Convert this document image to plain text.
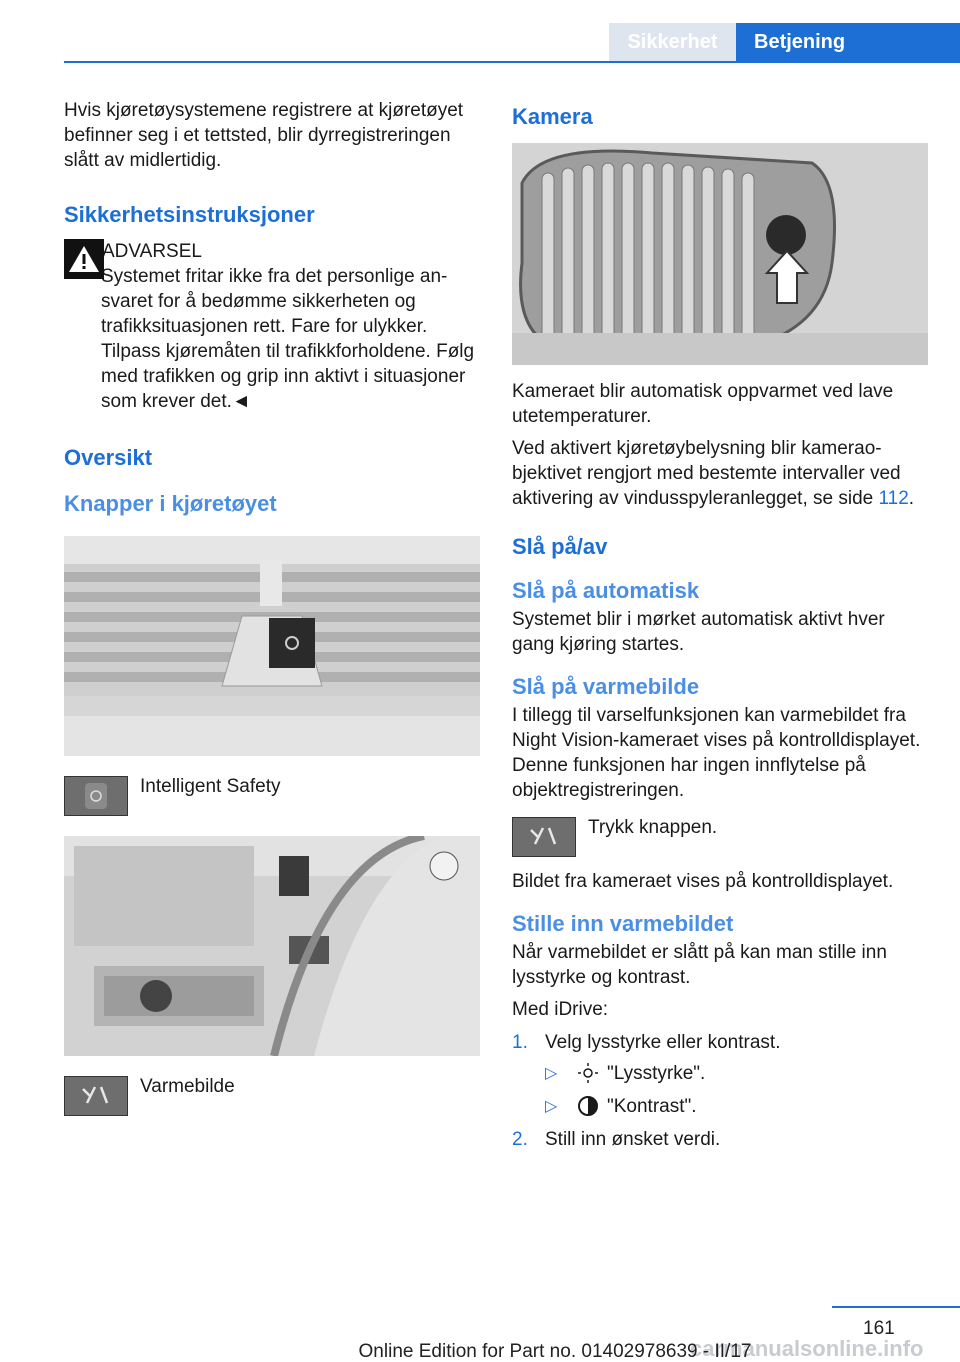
Sikkerhet	Betjening

Hvis kjøretøysystemene registrere at kjøretøyet befinner seg i et tettsted, blir dyrregistreringen slått av midlertidig.

Sikkerhetsinstruksjoner
ADVARSEL

Systemet fritar ikke fra det personlige ansvaret for å bedømme sikkerheten og trafikksituasjonen rett. Fare for ulykker. Tilpass kjøremåten til trafikkforholdene. Følg med trafikken og grip inn aktivt i situasjoner som krever det.◄

Oversikt
Knapper i kjøretøyet
Intelligent Safety
Varmebilde
Kamera

Kameraet blir automatisk oppvarmet ved lave utetemperaturer.

Ved aktivert kjøretøybelysning blir kameraobjektivet rengjort med bestemte intervaller ved aktivering av vindusspyleranlegget, se side 112.

Slå på/av
Slå på automatisk

Systemet blir i mørket automatisk aktivt hver gang kjøring startes.

Slå på varmebilde

I tillegg til varselfunksjonen kan varmebildet fra Night Vision-kameraet vises på kontrolldisplayet. Denne funksjonen har ingen innflytelse på objektregistreringen.

Trykk knappen.

Bildet fra kameraet vises på kontrolldisplayet.

Stille inn varmebildet

Når varmebildet er slått på kan man stille inn lysstyrke og kontrast.

Med iDrive:

1. Velg lysstyrke eller kontrast.
▷	"Lysstyrke".
▷	"Kontrast".
2. Still inn ønsket verdi.
161
carmanualsonline.info
Online Edition for Part no. 01402978639 - II/17
